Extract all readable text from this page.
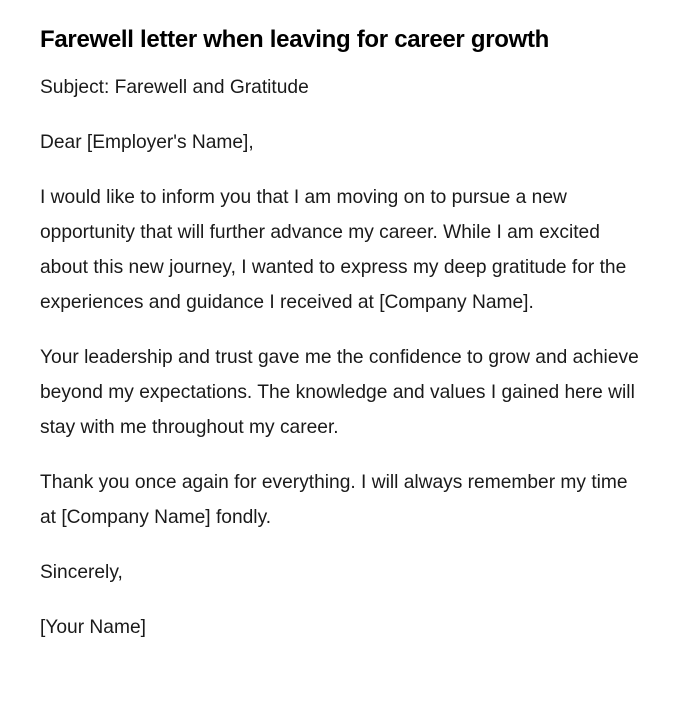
Farewell letter when leaving for career growth

Subject: Farewell and Gratitude

Dear [Employer's Name],

I would like to inform you that I am moving on to pursue a new opportunity that will further advance my career. While I am excited about this new journey, I wanted to express my deep gratitude for the experiences and guidance I received at [Company Name].

Your leadership and trust gave me the confidence to grow and achieve beyond my expectations. The knowledge and values I gained here will stay with me throughout my career.

Thank you once again for everything. I will always remember my time at [Company Name] fondly.

Sincerely,

[Your Name]
